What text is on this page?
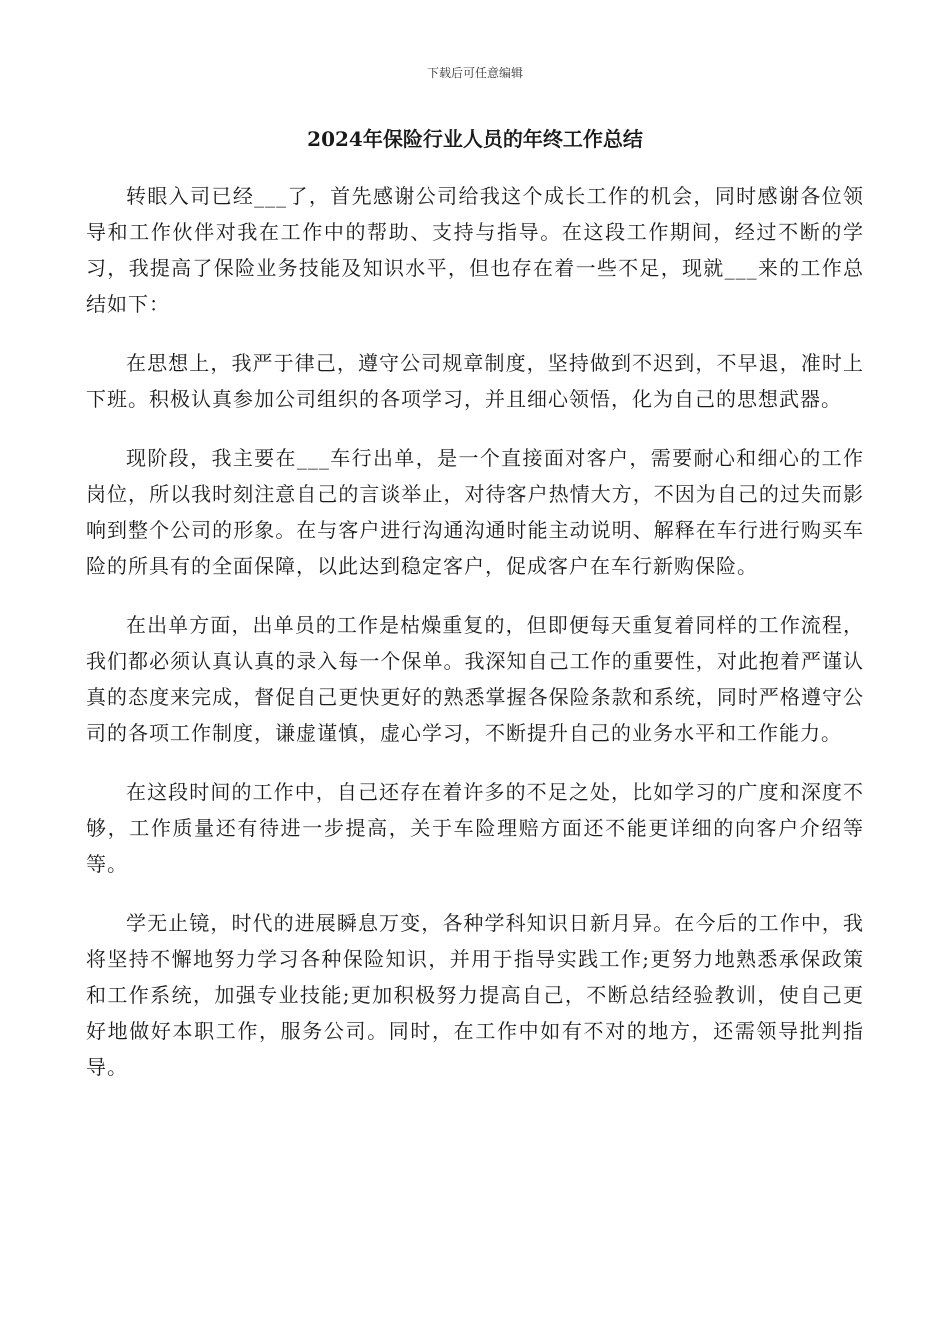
下载后可任意编辑
2024年保险行业人员的年终工作总结

转眼入司已经___了，首先感谢公司给我这个成长工作的机会，同时感谢各位领导和工作伙伴对我在工作中的帮助、支持与指导。在这段工作期间，经过不断的学习，我提高了保险业务技能及知识水平，但也存在着一些不足，现就___来的工作总结如下：

在思想上，我严于律己，遵守公司规章制度，坚持做到不迟到，不早退，准时上下班。积极认真参加公司组织的各项学习，并且细心领悟，化为自己的思想武器。

现阶段，我主要在___车行出单，是一个直接面对客户，需要耐心和细心的工作岗位，所以我时刻注意自己的言谈举止，对待客户热情大方，不因为自己的过失而影响到整个公司的形象。在与客户进行沟通沟通时能主动说明、解释在车行进行购买车险的所具有的全面保障，以此达到稳定客户，促成客户在车行新购保险。

在出单方面，出单员的工作是枯燥重复的，但即便每天重复着同样的工作流程，我们都必须认真认真的录入每一个保单。我深知自己工作的重要性，对此抱着严谨认真的态度来完成，督促自己更快更好的熟悉掌握各保险条款和系统，同时严格遵守公司的各项工作制度，谦虚谨慎，虚心学习，不断提升自己的业务水平和工作能力。

在这段时间的工作中，自己还存在着许多的不足之处，比如学习的广度和深度不够，工作质量还有待进一步提高，关于车险理赔方面还不能更详细的向客户介绍等等。

学无止镜，时代的进展瞬息万变，各种学科知识日新月异。在今后的工作中，我将坚持不懈地努力学习各种保险知识，并用于指导实践工作;更努力地熟悉承保政策和工作系统，加强专业技能;更加积极努力提高自己，不断总结经验教训，使自己更好地做好本职工作，服务公司。同时，在工作中如有不对的地方，还需领导批判指导。
